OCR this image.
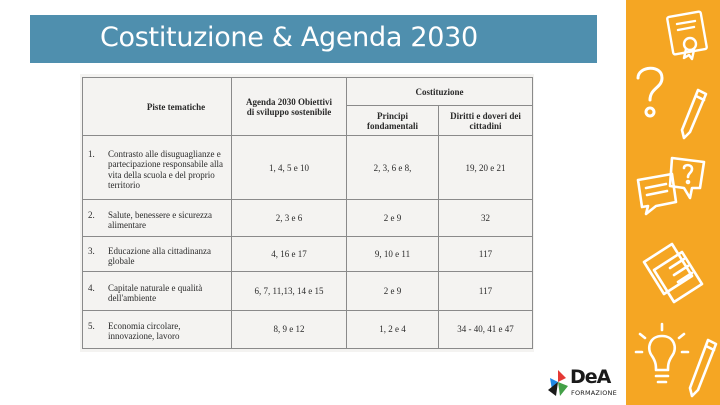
Costituzione & Agenda 2030
Piste tematiche	Agenda 2030 Obiettivi di sviluppo sostenibile	Costituzione	
		Principi fondamentali	Diritti e doveri dei cittadini
1. Contrasto alle disuguaglianze e partecipazione responsabile alla vita della scuola e del proprio territorio	1, 4, 5 e 10	2, 3, 6 e 8,	19, 20 e 21
2. Salute, benessere e sicurezza alimentare	2, 3 e 6	2 e 9	32
3. Educazione alla cittadinanza globale	4, 16 e 17	9, 10 e 11	117
4. Capitale naturale e qualità dell'ambiente	6, 7, 11,13, 14 e 15	2 e 9	117
5. Economia circolare, innovazione, lavoro	8, 9 e 12	1, 2 e 4	34 - 40, 41 e 47
DeA
FORMAZIONE
